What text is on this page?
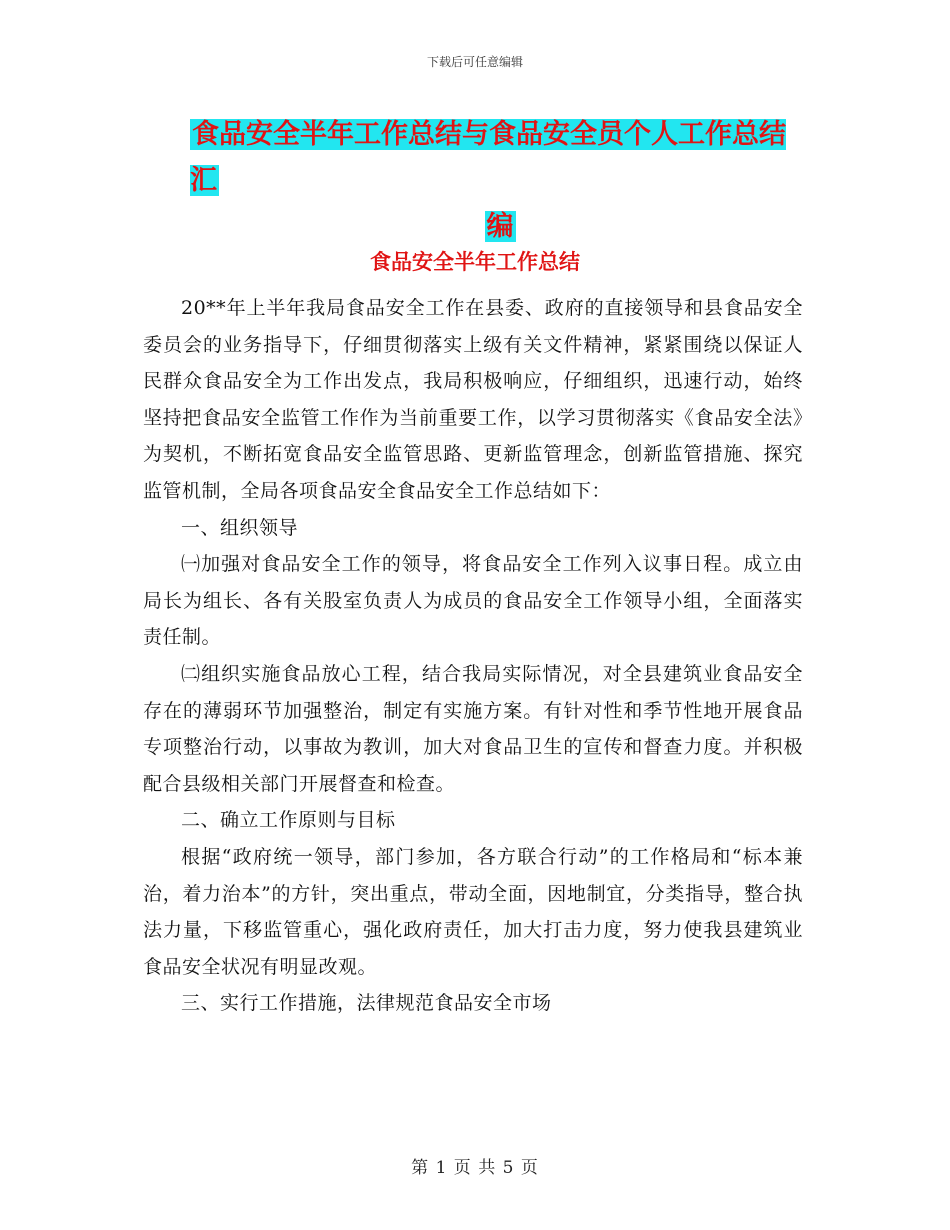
下载后可任意编辑
食品安全半年工作总结与食品安全员个人工作总结汇
编
食品安全半年工作总结

20**年上半年我局食品安全工作在县委、政府的直接领导和县食品安全委员会的业务指导下，仔细贯彻落实上级有关文件精神，紧紧围绕以保证人民群众食品安全为工作出发点，我局积极响应，仔细组织，迅速行动，始终坚持把食品安全监管工作作为当前重要工作，以学习贯彻落实《食品安全法》为契机，不断拓宽食品安全监管思路、更新监管理念，创新监管措施、探究监管机制，全局各项食品安全食品安全工作总结如下：

一、组织领导

㈠加强对食品安全工作的领导，将食品安全工作列入议事日程。成立由局长为组长、各有关股室负责人为成员的食品安全工作领导小组，全面落实责任制。

㈡组织实施食品放心工程，结合我局实际情况，对全县建筑业食品安全存在的薄弱环节加强整治，制定有实施方案。有针对性和季节性地开展食品专项整治行动，以事故为教训，加大对食品卫生的宣传和督查力度。并积极配合县级相关部门开展督查和检查。

二、确立工作原则与目标

根据“政府统一领导，部门参加，各方联合行动”的工作格局和“标本兼治，着力治本”的方针，突出重点，带动全面，因地制宜，分类指导，整合执法力量，下移监管重心，强化政府责任，加大打击力度，努力使我县建筑业食品安全状况有明显改观。

三、实行工作措施，法律规范食品安全市场

第 1 页 共 5 页
